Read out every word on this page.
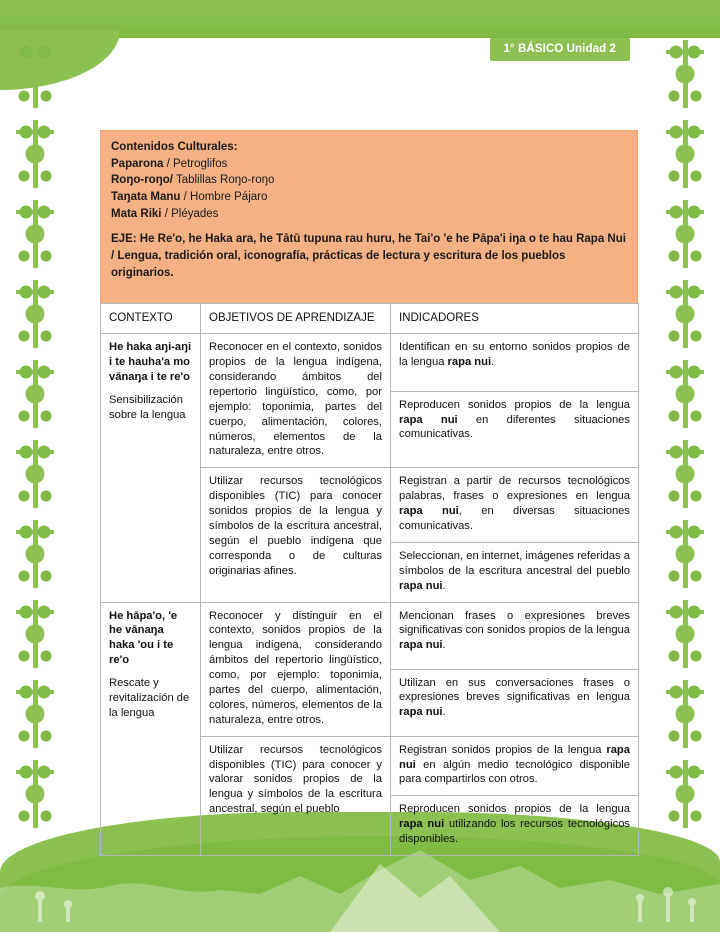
1° BÁSICO Unidad 2

Contenidos Culturales:

Paparona / Petroglifos

Roŋo-roŋo/ Tablillas Roŋo-roŋo

Taŋata Manu / Hombre Pájaro

Mata Riki / Pléyades

EJE: He Re'o, he Haka ara, he Tātū tupuna rau huru, he Tai'o 'e he Pāpa'i iŋa o te hau Rapa Nui / Lengua, tradición oral, iconografía, prácticas de lectura y escritura de los pueblos originarios.

CONTEXTO	OBJETIVOS DE APRENDIZAJE	INDICADORES

He haka aŋi-aŋi i te hauha'a mo vānaŋa i te re'o

Sensibilización sobre la lengua	Reconocer en el contexto, sonidos propios de la lengua indígena, considerando ámbitos del repertorio lingüístico, como, por ejemplo: toponimia, partes del cuerpo, alimentación, colores, números, elementos de la naturaleza, entre otros.	Identifican en su entorno sonidos propios de la lengua rapa nui.
		Reproducen sonidos propios de la lengua rapa nui en diferentes situaciones comunicativas.
	Utilizar recursos tecnológicos disponibles (TIC) para conocer sonidos propios de la lengua y símbolos de la escritura ancestral, según el pueblo indígena que corresponda o de culturas originarias afines.	Registran a partir de recursos tecnológicos palabras, frases o expresiones en lengua rapa nui, en diversas situaciones comunicativas.
		Seleccionan, en internet, imágenes referidas a símbolos de la escritura ancestral del pueblo rapa nui.

He hāpa'o, 'e he vānaŋa haka 'ou i te re'o

Rescate y revitalización de la lengua	Reconocer y distinguir en el contexto, sonidos propios de la lengua indígena, considerando ámbitos del repertorio lingüístico, como, por ejemplo: toponimia, partes del cuerpo, alimentación, colores, números, elementos de la naturaleza, entre otros.	Mencionan frases o expresiones breves significativas con sonidos propios de la lengua rapa nui.
		Utilizan en sus conversaciones frases o expresiones breves significativas en lengua rapa nui.
	Utilizar recursos tecnológicos disponibles (TIC) para conocer y valorar sonidos propios de la lengua y símbolos de la escritura ancestral, según el pueblo	Registran sonidos propios de la lengua rapa nui en algún medio tecnológico disponible para compartirlos con otros.
		Reproducen sonidos propios de la lengua rapa nui utilizando los recursos tecnológicos disponibles.
